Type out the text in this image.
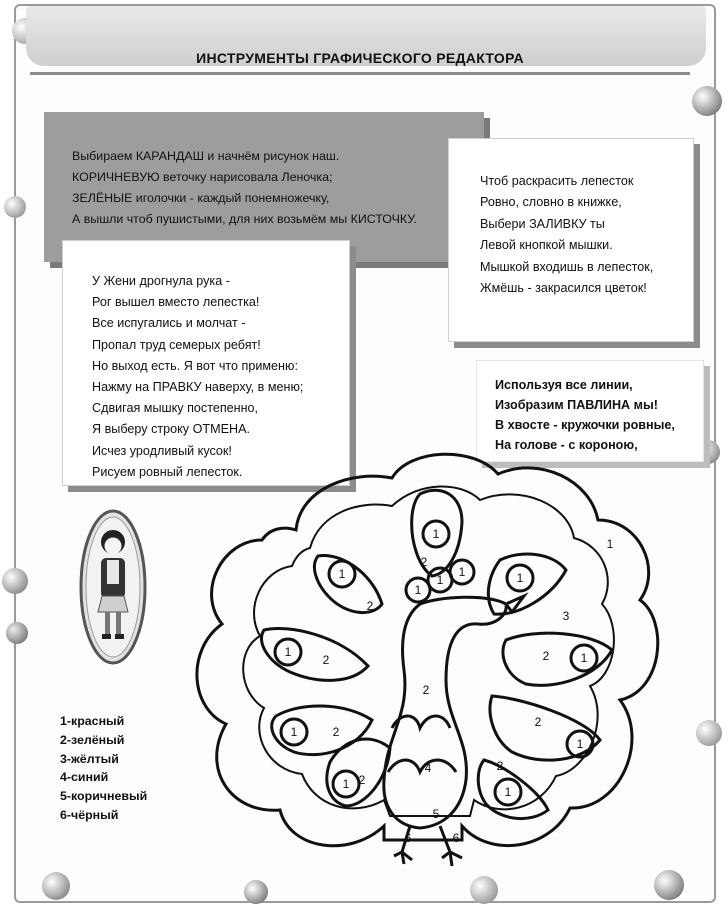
ИНСТРУМЕНТЫ ГРАФИЧЕСКОГО РЕДАКТОРА
Выбираем КАРАНДАШ и начнём рисунок наш.
КОРИЧНЕВУЮ веточку нарисовала Леночка;
ЗЕЛЁНЫЕ иголочки - каждый понемножечку,
А вышли чтоб пушистыми, для них возьмём мы КИСТОЧКУ.
У Жени дрогнула рука -
Рог вышел вместо лепестка!
Все испугались и молчат -
Пропал труд семерых ребят!
Но выход есть. Я вот что применю:
Нажму на ПРАВКУ наверху, в меню;
Сдвигая мышку постепенно,
Я выберу строку ОТМЕНА.
Исчез уродливый кусок!
Рисуем ровный лепесток.
Чтоб раскрасить лепесток
Ровно, словно в книжке,
Выбери ЗАЛИВКУ ты
Левой кнопкой мышки.
Мышкой входишь в лепесток,
Жмёшь - закрасился цветок!
Используя все линии,
Изобразим ПАВЛИНА мы!
В хвосте - кружочки ровные,
На голове - с короною,
1-красный
2-зелёный
3-жёлтый
4-синий
5-коричневый
6-чёрный
1
1
1
1
1
1
1
1
1
1
1
1
1
2
2
2
2
2
2
2
2
2
3
4
5
6	6
